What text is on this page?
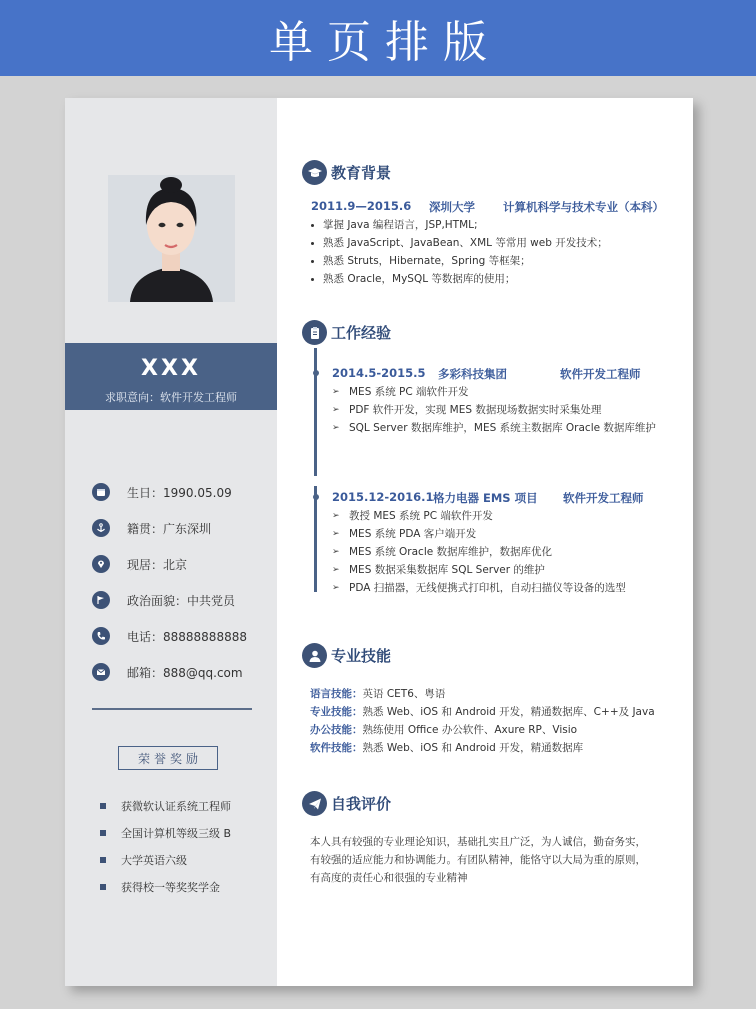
单页排版
XXX
求职意向：软件开发工程师
生日：1990.05.09
籍贯：广东深圳
现居：北京
政治面貌：中共党员
电话：88888888888
邮箱：888@qq.com
荣誉奖励
获微软认证系统工程师
全国计算机等级三级 B
大学英语六级
获得校一等奖奖学金
教育背景
2011.9—2015.6 深圳大学 计算机科学与技术专业（本科）
掌握 Java 编程语言，JSP,HTML;
熟悉 JavaScript、JavaBean、XML 等常用 web 开发技术；
熟悉 Struts，Hibernate，Spring 等框架；
熟悉 Oracle，MySQL 等数据库的使用；
工作经验
2014.5-2015.5 多彩科技集团	软件开发工程师
➢ MES 系统 PC 端软件开发
➢ PDF 软件开发，实现 MES 数据现场数据实时采集处理
➢ SQL Server 数据库维护，MES 系统主数据库 Oracle 数据库维护
2015.12-2016.1 格力电器 EMS 项目 软件开发工程师
➢ 教授 MES 系统 PC 端软件开发
➢ MES 系统 PDA 客户端开发
➢ MES 系统 Oracle 数据库维护，数据库优化
➢ MES 数据采集数据库 SQL Server 的维护
➢ PDA 扫描器，无线便携式打印机，自动扫描仪等设备的选型
专业技能
语言技能：英语 CET6、粤语
专业技能：熟悉 Web、iOS 和 Android 开发，精通数据库、C++及 Java
办公技能：熟练使用 Office 办公软件、Axure RP、Visio
软件技能：熟悉 Web、iOS 和 Android 开发，精通数据库
自我评价
本人具有较强的专业理论知识，基础扎实且广泛，为人诚信，勤奋务实，
有较强的适应能力和协调能力。有团队精神，能恪守以大局为重的原则，
有高度的责任心和很强的专业精神
